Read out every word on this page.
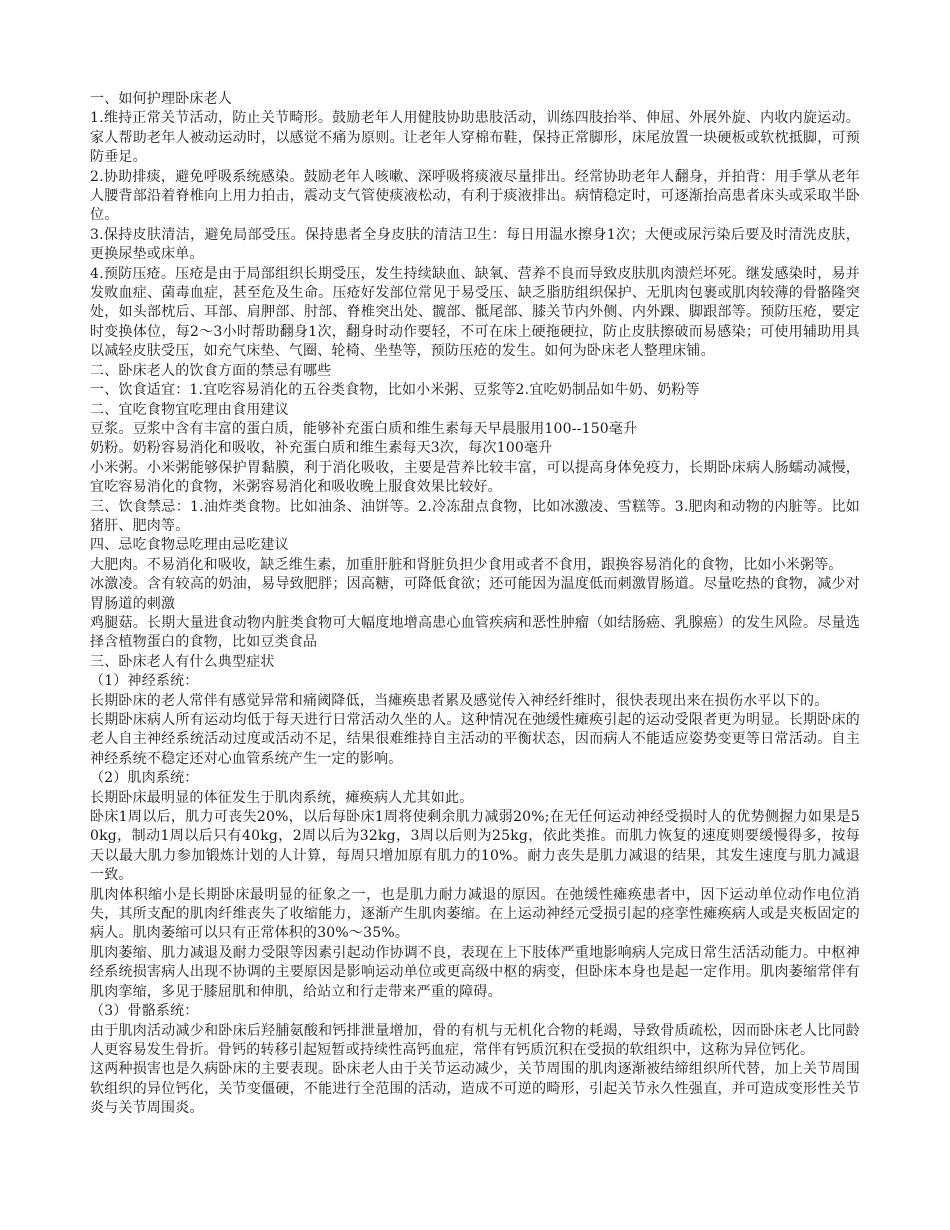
一、如何护理卧床老人

1.维持正常关节活动，防止关节畸形。鼓励老年人用健肢协助患肢活动，训练四肢抬举、伸屈、外展外旋、内收内旋运动。家人帮助老年人被动运动时，以感觉不痛为原则。让老年人穿棉布鞋，保持正常脚形，床尾放置一块硬板或软枕抵脚，可预防垂足。

2.协助排痰，避免呼吸系统感染。鼓励老年人咳嗽、深呼吸将痰液尽量排出。经常协助老年人翻身，并拍背：用手掌从老年人腰背部沿着脊椎向上用力拍击，震动支气管使痰液松动，有利于痰液排出。病情稳定时，可逐渐抬高患者床头或采取半卧位。

3.保持皮肤清洁，避免局部受压。保持患者全身皮肤的清洁卫生：每日用温水擦身1次；大便或尿污染后要及时清洗皮肤，更换尿垫或床单。

4.预防压疮。压疮是由于局部组织长期受压，发生持续缺血、缺氧、营养不良而导致皮肤肌肉溃烂坏死。继发感染时，易并发败血症、菌毒血症，甚至危及生命。压疮好发部位常见于易受压、缺乏脂肪组织保护、无肌肉包裹或肌肉较薄的骨骼隆突处，如头部枕后、耳部、肩胛部、肘部、脊椎突出处、髋部、骶尾部、膝关节内外侧、内外踝、脚跟部等。预防压疮，要定时变换体位，每2～3小时帮助翻身1次，翻身时动作要轻，不可在床上硬拖硬拉，防止皮肤擦破而易感染；可使用辅助用具以减轻皮肤受压，如充气床垫、气圈、轮椅、坐垫等，预防压疮的发生。如何为卧床老人整理床铺。

二、卧床老人的饮食方面的禁忌有哪些

一、饮食适宜：1.宜吃容易消化的五谷类食物，比如小米粥、豆浆等2.宜吃奶制品如牛奶、奶粉等

二、宜吃食物宜吃理由食用建议

豆浆。豆浆中含有丰富的蛋白质，能够补充蛋白质和维生素每天早晨服用100--150毫升

奶粉。奶粉容易消化和吸收，补充蛋白质和维生素每天3次，每次100毫升

小米粥。小米粥能够保护胃黏膜，利于消化吸收，主要是营养比较丰富，可以提高身体免疫力，长期卧床病人肠蠕动减慢，宜吃容易消化的食物，米粥容易消化和吸收晚上服食效果比较好。

三、饮食禁忌：1.油炸类食物。比如油条、油饼等。2.冷冻甜点食物，比如冰激凌、雪糕等。3.肥肉和动物的内脏等。比如猪肝、肥肉等。

四、忌吃食物忌吃理由忌吃建议

大肥肉。不易消化和吸收，缺乏维生素，加重肝脏和肾脏负担少食用或者不食用，跟换容易消化的食物，比如小米粥等。

冰激凌。含有较高的奶油，易导致肥胖；因高糖，可降低食欲；还可能因为温度低而刺激胃肠道。尽量吃热的食物，减少对胃肠道的刺激

鸡腿菇。长期大量进食动物内脏类食物可大幅度地增高患心血管疾病和恶性肿瘤（如结肠癌、乳腺癌）的发生风险。尽量选择含植物蛋白的食物，比如豆类食品

三、卧床老人有什么典型症状

（1）神经系统：

长期卧床的老人常伴有感觉异常和痛阈降低，当瘫痪患者累及感觉传入神经纤维时，很快表现出来在损伤水平以下的。

长期卧床病人所有运动均低于每天进行日常活动久坐的人。这种情况在弛缓性瘫痪引起的运动受限者更为明显。长期卧床的老人自主神经系统活动过度或活动不足，结果很难维持自主活动的平衡状态，因而病人不能适应姿势变更等日常活动。自主神经系统不稳定还对心血管系统产生一定的影响。

（2）肌肉系统：

长期卧床最明显的体征发生于肌肉系统，瘫痪病人尤其如此。

卧床1周以后，肌力可丧失20%，以后每卧床1周将使剩余肌力减弱20%;在无任何运动神经受损时人的优势侧握力如果是50kg，制动1周以后只有40kg，2周以后为32kg，3周以后则为25kg，依此类推。而肌力恢复的速度则要缓慢得多，按每天以最大肌力参加锻炼计划的人计算，每周只增加原有肌力的10%。耐力丧失是肌力减退的结果，其发生速度与肌力减退一致。

肌肉体积缩小是长期卧床最明显的征象之一，也是肌力耐力减退的原因。在弛缓性瘫痪患者中，因下运动单位动作电位消失，其所支配的肌肉纤维丧失了收缩能力，逐渐产生肌肉萎缩。在上运动神经元受损引起的痉挛性瘫痪病人或是夹板固定的病人。肌肉萎缩可以只有正常体积的30%～35%。

肌肉萎缩、肌力减退及耐力受限等因素引起动作协调不良，表现在上下肢体严重地影响病人完成日常生活活动能力。中枢神经系统损害病人出现不协调的主要原因是影响运动单位或更高级中枢的病变，但卧床本身也是起一定作用。肌肉萎缩常伴有肌肉挛缩，多见于膝屈肌和伸肌，给站立和行走带来严重的障碍。

（3）骨骼系统：

由于肌肉活动减少和卧床后羟脯氨酸和钙排泄量增加，骨的有机与无机化合物的耗竭，导致骨质疏松，因而卧床老人比同龄人更容易发生骨折。骨钙的转移引起短暂或持续性高钙血症，常伴有钙质沉积在受损的软组织中，这称为异位钙化。

这两种损害也是久病卧床的主要表现。卧床老人由于关节运动减少，关节周围的肌肉逐渐被结缔组织所代替，加上关节周围软组织的异位钙化，关节变僵硬，不能进行全范围的活动，造成不可逆的畸形，引起关节永久性强直，并可造成变形性关节炎与关节周围炎。
